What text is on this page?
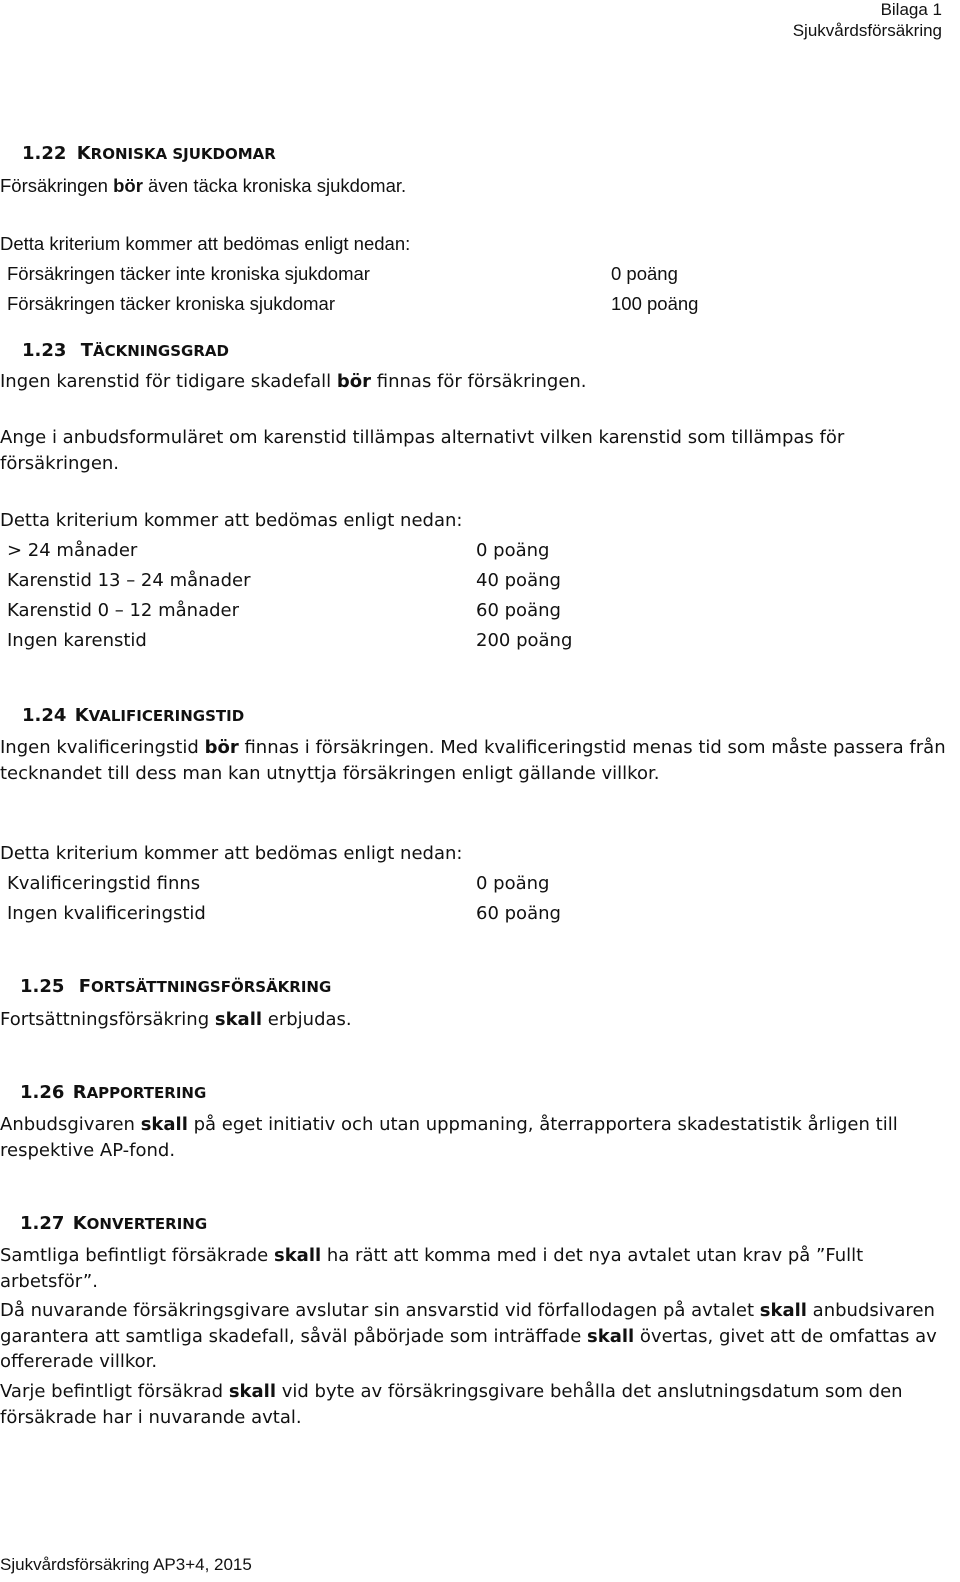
Bilaga 1
Sjukvårdsförsäkring
1.22 KRONISKA SJUKDOMAR
Försäkringen bör även täcka kroniska sjukdomar.
Detta kriterium kommer att bedömas enligt nedan:
Försäkringen täcker inte kroniska sjukdomar	0 poäng
Försäkringen täcker kroniska sjukdomar	100 poäng
1.23 TÄCKNINGSGRAD
Ingen karenstid för tidigare skadefall bör finnas för försäkringen.
Ange i anbudsformuläret om karenstid tillämpas alternativt vilken karenstid som tillämpas för försäkringen.
Detta kriterium kommer att bedömas enligt nedan:
> 24 månader	0 poäng
Karenstid 13 – 24 månader	40 poäng
Karenstid 0 – 12 månader	60 poäng
Ingen karenstid	200 poäng
1.24 KVALIFICERINGSTID
Ingen kvalificeringstid bör finnas i försäkringen. Med kvalificeringstid menas tid som måste passera från tecknandet till dess man kan utnyttja försäkringen enligt gällande villkor.
Detta kriterium kommer att bedömas enligt nedan:
Kvalificeringstid finns	0 poäng
Ingen kvalificeringstid	60 poäng
1.25 FORTSÄTTNINGSFÖRSÄKRING
Fortsättningsförsäkring skall erbjudas.
1.26 RAPPORTERING
Anbudsgivaren skall på eget initiativ och utan uppmaning, återrapportera skadestatistik årligen till respektive AP-fond.
1.27 KONVERTERING
Samtliga befintligt försäkrade skall ha rätt att komma med i det nya avtalet utan krav på ”Fullt arbetsför”.
Då nuvarande försäkringsgivare avslutar sin ansvarstid vid förfallodagen på avtalet skall anbudsivaren garantera att samtliga skadefall, såväl påbörjade som inträffade skall övertas, givet att de omfattas av offererade villkor.
Varje befintligt försäkrad skall vid byte av försäkringsgivare behålla det anslutningsdatum som den försäkrade har i nuvarande avtal.
Sjukvårdsförsäkring AP3+4, 2015
